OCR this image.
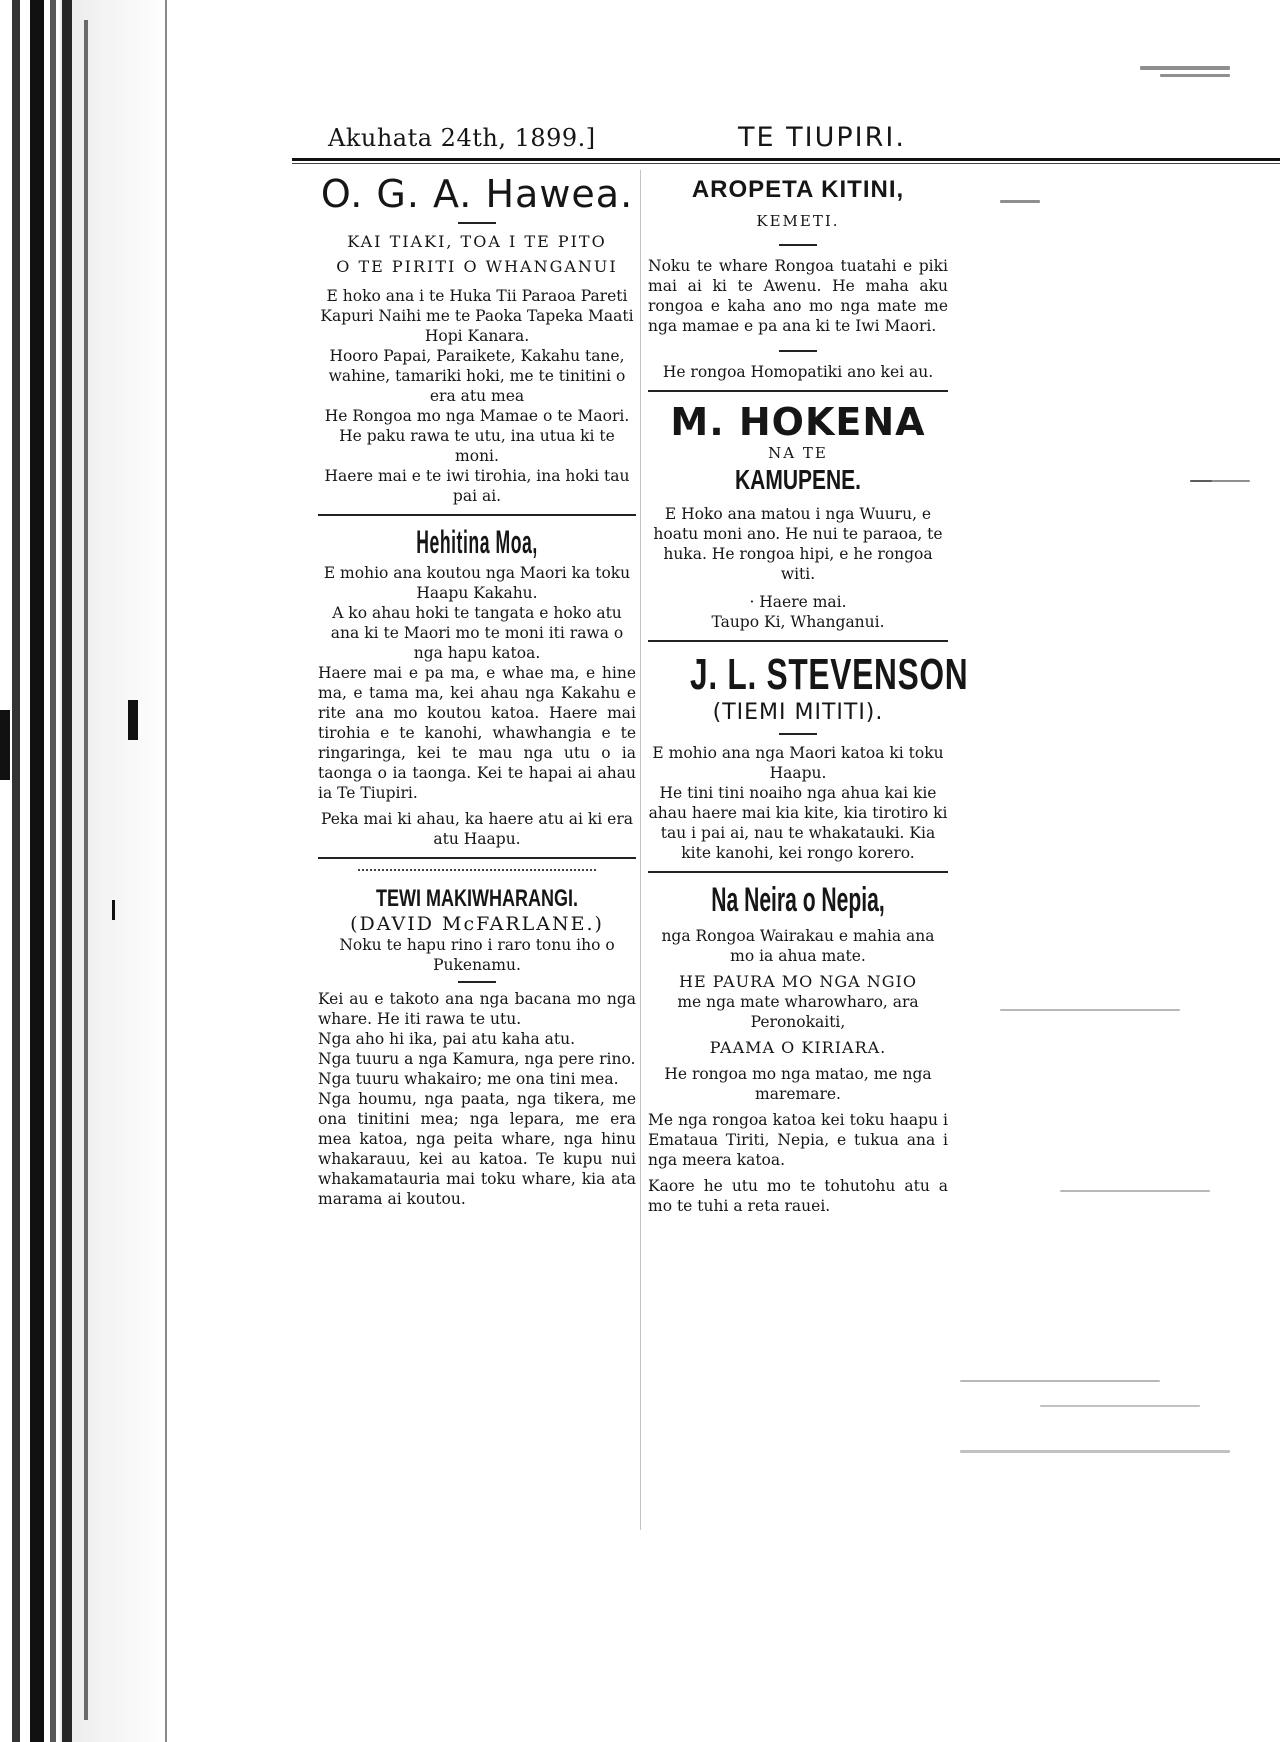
Akuhata 24th, 1899.]	TE TIUPIRI.
O. G. A. Hawea.
KAI TIAKI, TOA I TE PITO
O TE PIRITI O WHANGANUI

E hoko ana i te Huka Tii Paraoa Pareti Kapuri Naihi me te Paoka Tapeka Maati Hopi Kanara.

Hooro Papai, Paraikete, Kakahu tane, wahine, tamariki hoki, me te tinitini o era atu mea

He Rongoa mo nga Mamae o te Maori. He paku rawa te utu, ina utua ki te moni.

Haere mai e te iwi tirohia, ina hoki tau pai ai.

Hehitina Moa,

E mohio ana koutou nga Maori ka toku Haapu Kakahu.

A ko ahau hoki te tangata e hoko atu ana ki te Maori mo te moni iti rawa o nga hapu katoa.

Haere mai e pa ma, e whae ma, e hine ma, e tama ma, kei ahau nga Kakahu e rite ana mo koutou katoa. Haere mai tirohia e te kanohi, whawhangia e te ringaringa, kei te mau nga utu o ia taonga o ia taonga. Kei te hapai ai ahau ia Te Tiupiri.

Peka mai ki ahau, ka haere atu ai ki era atu Haapu.

TEWI MAKIWHARANGI.
(DAVID McFARLANE.)

Noku te hapu rino i raro tonu iho o Pukenamu.

Kei au e takoto ana nga bacana mo nga whare. He iti rawa te utu.

Nga aho hi ika, pai atu kaha atu.

Nga tuuru a nga Kamura, nga pere rino.

Nga tuuru whakairo; me ona tini mea.

Nga houmu, nga paata, nga tikera, me ona tinitini mea; nga lepara, me era mea katoa, nga peita whare, nga hinu whakarauu, kei au katoa. Te kupu nui whakamatauria mai toku whare, kia ata marama ai koutou.

AROPETA KITINI,
KEMETI.

Noku te whare Rongoa tuatahi e piki mai ai ki te Awenu. He maha aku rongoa e kaha ano mo nga mate me nga mamae e pa ana ki te Iwi Maori.

He rongoa Homopatiki ano kei au.

M. HOKENA
NA TE
KAMUPENE.

E Hoko ana matou i nga Wuuru, e hoatu moni ano. He nui te paraoa, te huka. He rongoa hipi, e he rongoa witi.

· Haere mai.

Taupo Ki, Whanganui.

J. L. STEVENSON
(TIEMI MITITI).

E mohio ana nga Maori katoa ki toku Haapu.

He tini tini noaiho nga ahua kai kie ahau haere mai kia kite, kia tirotiro ki tau i pai ai, nau te whakatauki. Kia kite kanohi, kei rongo korero.

Na Neira o Nepia,

nga Rongoa Wairakau e mahia ana mo ia ahua mate.

HE PAURA MO NGA NGIO

me nga mate wharowharo, ara Peronokaiti,

PAAMA O KIRIARA.

He rongoa mo nga matao, me nga maremare.

Me nga rongoa katoa kei toku haapu i Ematauа Tiriti, Nepia, e tukua ana i nga meera katoa.

Kaore he utu mo te tohutohu atu a mo te tuhi a reta rauei.
